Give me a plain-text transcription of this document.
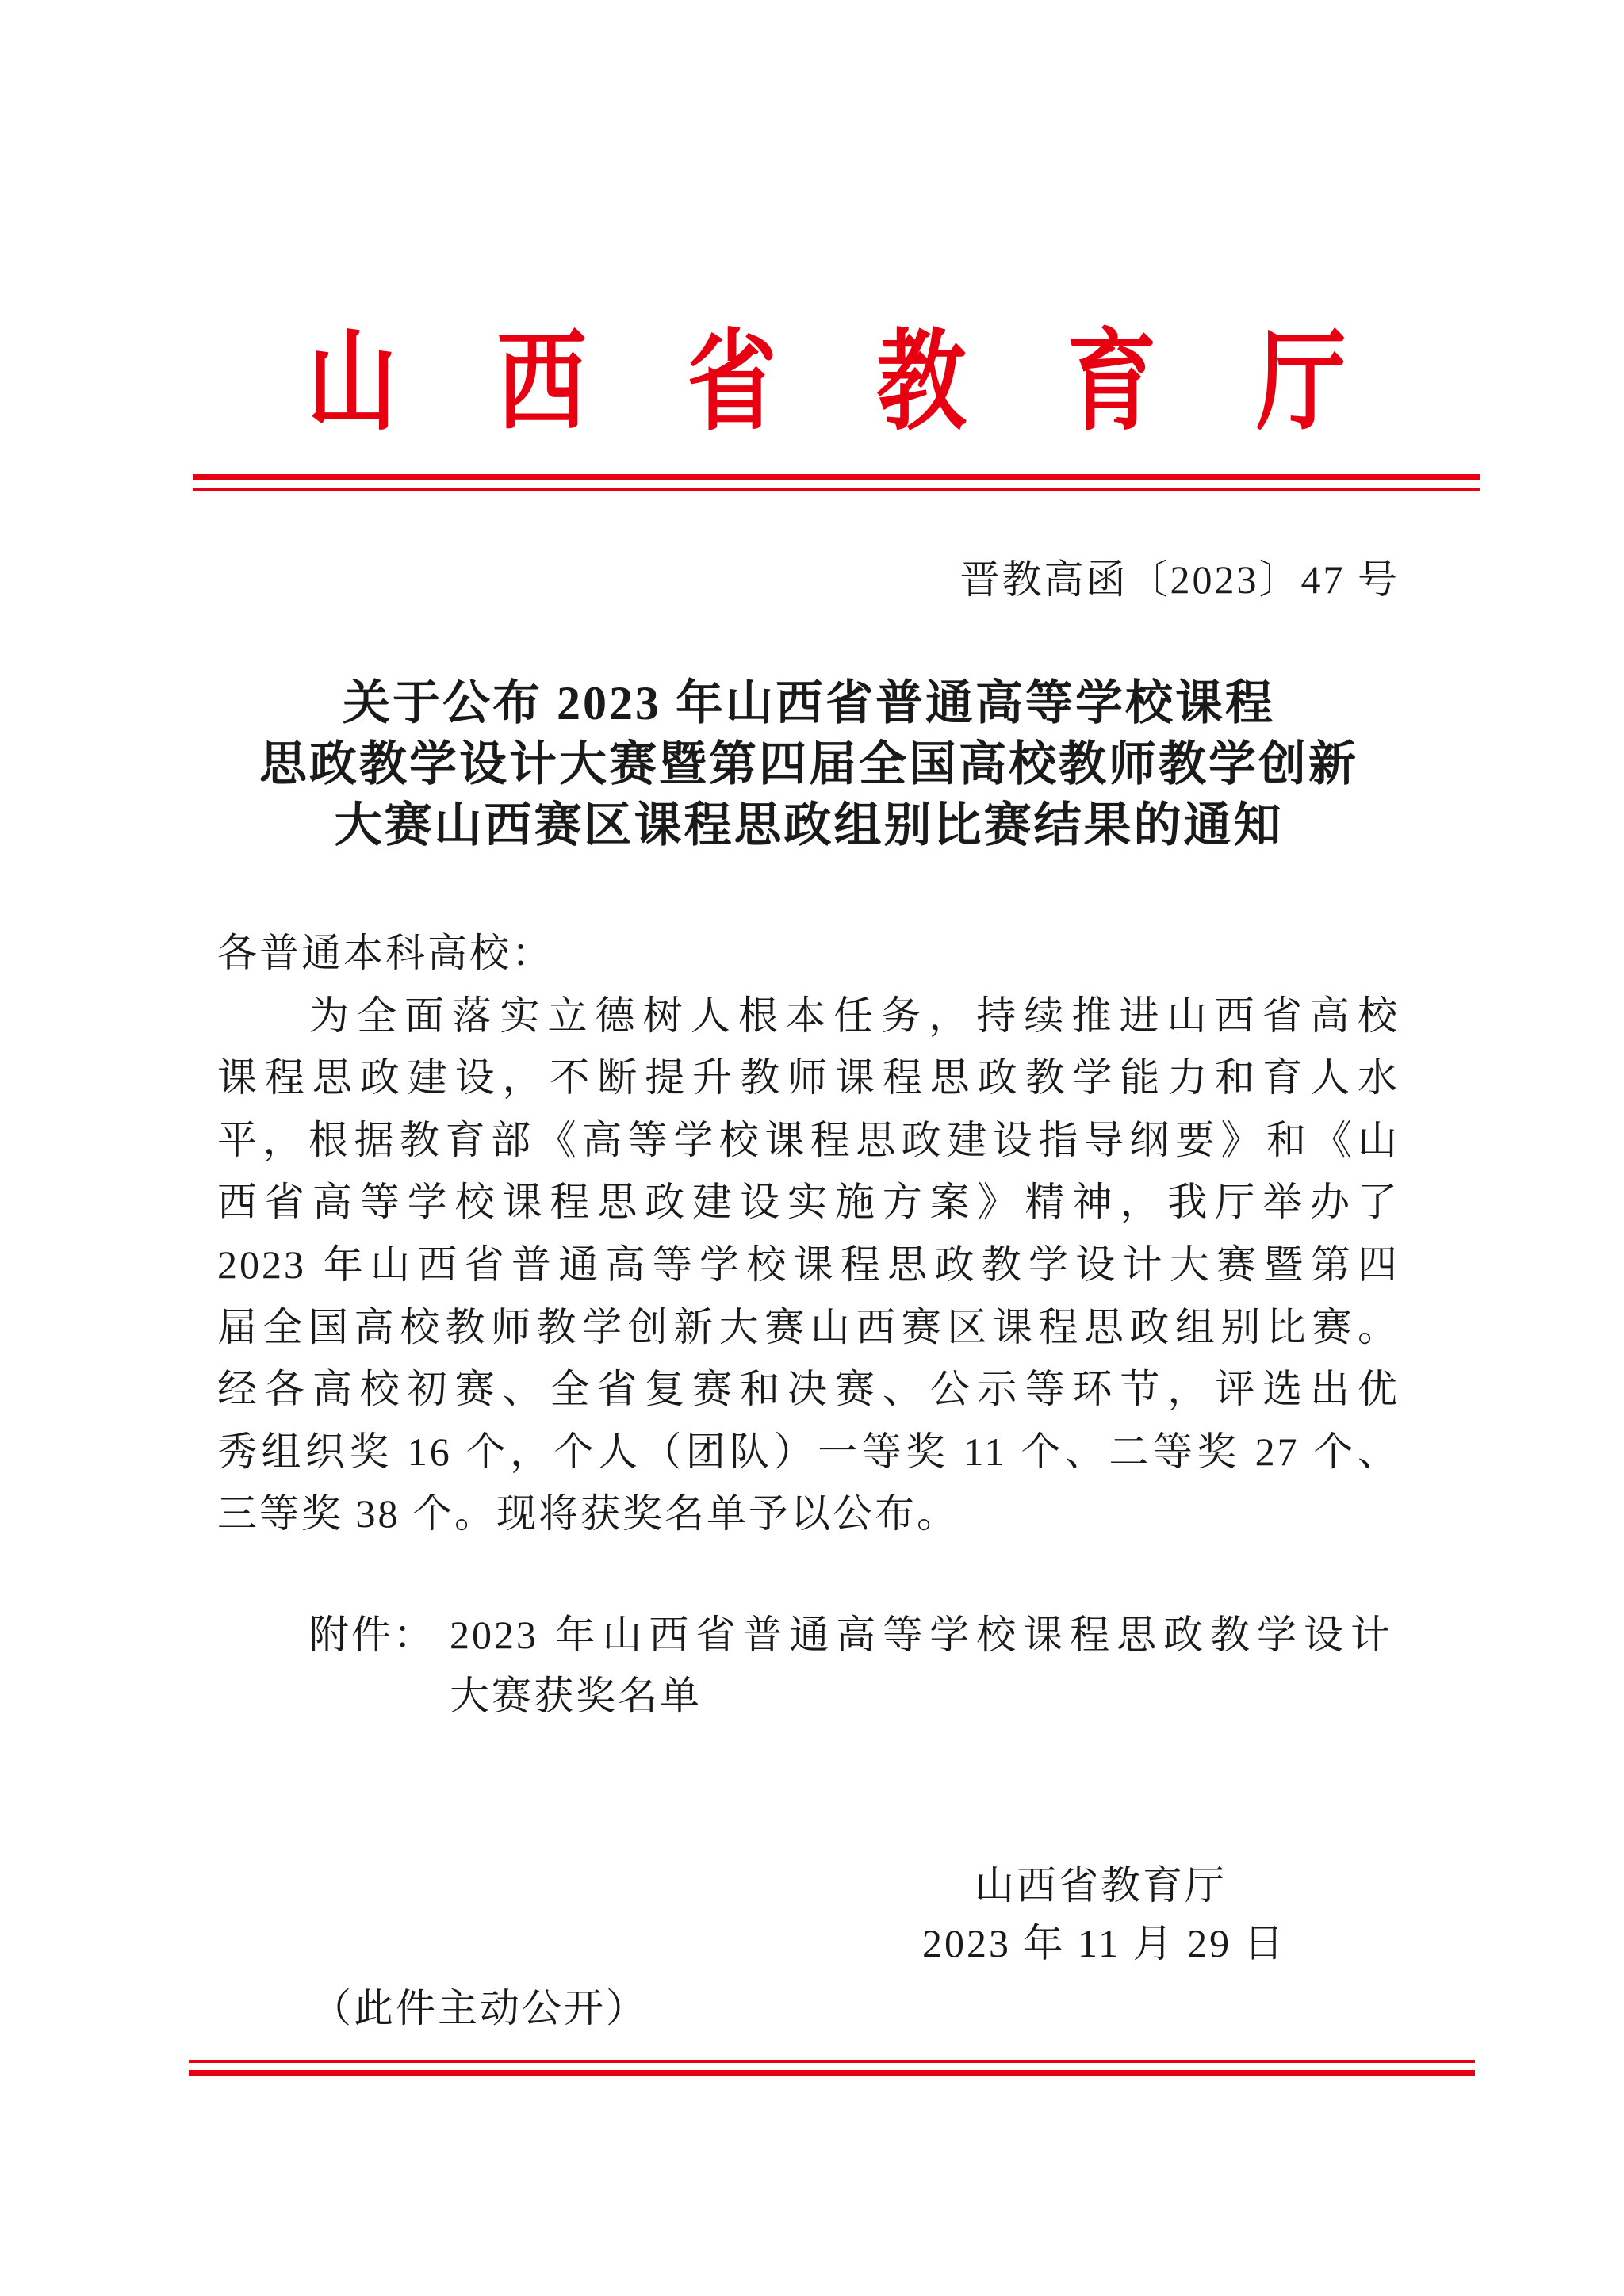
山 西 省 教 育 厅
晋教高函〔2023〕47 号
关于公布 2023 年山西省普通高等学校课程
思政教学设计大赛暨第四届全国高校教师教学创新
大赛山西赛区课程思政组别比赛结果的通知
各普通本科高校：
为全面落实立德树人根本任务，持续推进山西省高校
课程思政建设，不断提升教师课程思政教学能力和育人水
平，根据教育部《高等学校课程思政建设指导纲要》和《山
西省高等学校课程思政建设实施方案》精神，我厅举办了
2023 年山西省普通高等学校课程思政教学设计大赛暨第四
届全国高校教师教学创新大赛山西赛区课程思政组别比赛。
经各高校初赛、全省复赛和决赛、公示等环节，评选出优
秀组织奖 16 个，个人（团队）一等奖 11 个、二等奖 27 个、
三等奖 38 个。现将获奖名单予以公布。
附件： 2023 年山西省普通高等学校课程思政教学设计
大赛获奖名单
山西省教育厅
2023 年 11 月 29 日
（此件主动公开）
